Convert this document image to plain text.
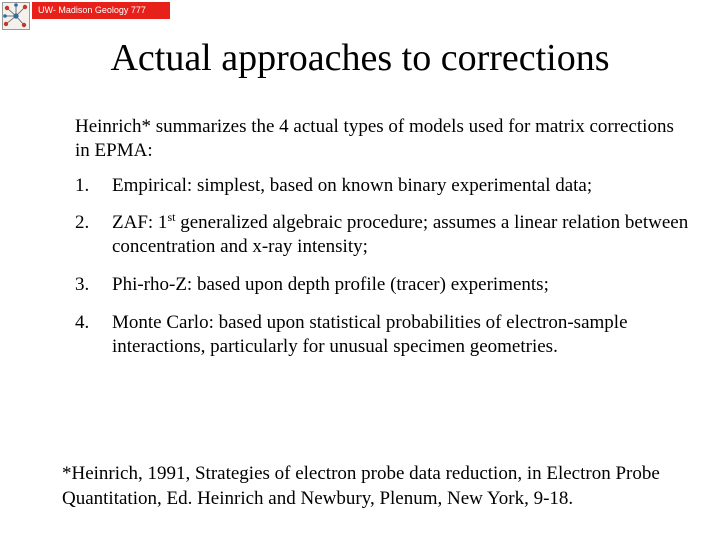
UW- Madison Geology 777
Actual approaches to corrections
Heinrich* summarizes the 4 actual types of models used for matrix corrections in EPMA:
1.	Empirical: simplest, based on known binary experimental data;
2.	ZAF: 1st generalized algebraic procedure; assumes a linear relation between concentration and x-ray intensity;
3.	Phi-rho-Z: based upon depth profile (tracer) experiments;
4.	Monte Carlo: based upon statistical probabilities of electron-sample interactions, particularly for unusual specimen geometries.
*Heinrich, 1991, Strategies of electron probe data reduction, in Electron Probe Quantitation, Ed. Heinrich and Newbury, Plenum, New York, 9-18.
